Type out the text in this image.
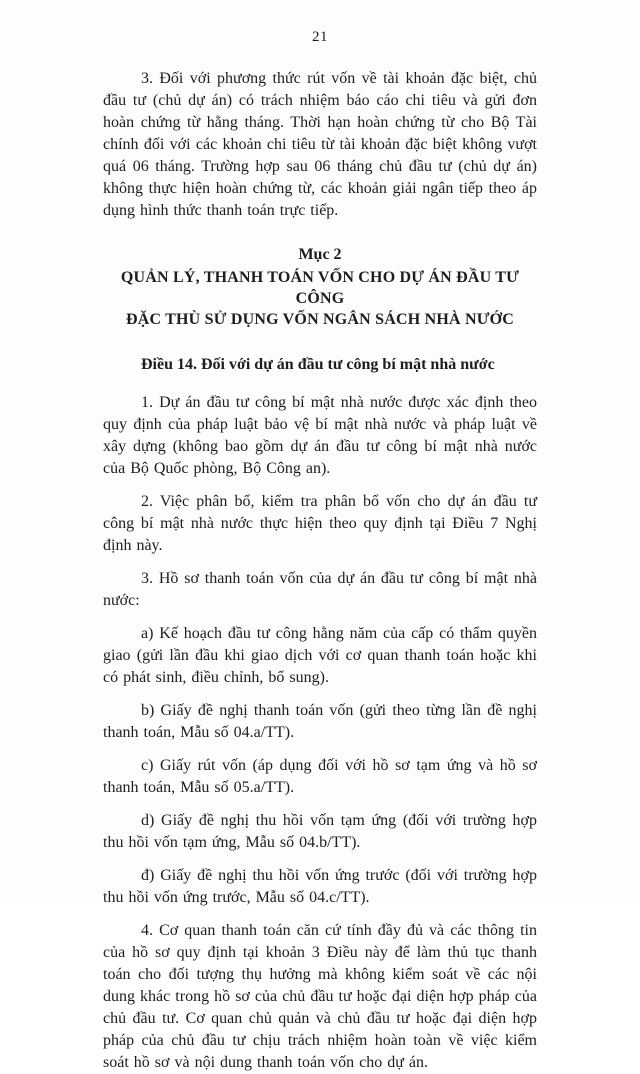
21

3. Đối với phương thức rút vốn về tài khoản đặc biệt, chủ đầu tư (chủ dự án) có trách nhiệm báo cáo chi tiêu và gửi đơn hoàn chứng từ hằng tháng. Thời hạn hoàn chứng từ cho Bộ Tài chính đối với các khoản chi tiêu từ tài khoản đặc biệt không vượt quá 06 tháng. Trường hợp sau 06 tháng chủ đầu tư (chủ dự án) không thực hiện hoàn chứng từ, các khoản giải ngân tiếp theo áp dụng hình thức thanh toán trực tiếp.

Mục 2
QUẢN LÝ, THANH TOÁN VỐN CHO DỰ ÁN ĐẦU TƯ CÔNG
ĐẶC THÙ SỬ DỤNG VỐN NGÂN SÁCH NHÀ NƯỚC

Điều 14. Đối với dự án đầu tư công bí mật nhà nước

1. Dự án đầu tư công bí mật nhà nước được xác định theo quy định của pháp luật bảo vệ bí mật nhà nước và pháp luật về xây dựng (không bao gồm dự án đầu tư công bí mật nhà nước của Bộ Quốc phòng, Bộ Công an).

2. Việc phân bổ, kiểm tra phân bổ vốn cho dự án đầu tư công bí mật nhà nước thực hiện theo quy định tại Điều 7 Nghị định này.

3. Hồ sơ thanh toán vốn của dự án đầu tư công bí mật nhà nước:

a) Kế hoạch đầu tư công hằng năm của cấp có thẩm quyền giao (gửi lần đầu khi giao dịch với cơ quan thanh toán hoặc khi có phát sinh, điều chỉnh, bổ sung).

b) Giấy đề nghị thanh toán vốn (gửi theo từng lần đề nghị thanh toán, Mẫu số 04.a/TT).

c) Giấy rút vốn (áp dụng đối với hồ sơ tạm ứng và hồ sơ thanh toán, Mẫu số 05.a/TT).

d) Giấy đề nghị thu hồi vốn tạm ứng (đối với trường hợp thu hồi vốn tạm ứng, Mẫu số 04.b/TT).

đ) Giấy đề nghị thu hồi vốn ứng trước (đối với trường hợp thu hồi vốn ứng trước, Mẫu số 04.c/TT).

4. Cơ quan thanh toán căn cứ tính đầy đủ và các thông tin của hồ sơ quy định tại khoản 3 Điều này để làm thủ tục thanh toán cho đối tượng thụ hưởng mà không kiểm soát về các nội dung khác trong hồ sơ của chủ đầu tư hoặc đại diện hợp pháp của chủ đầu tư. Cơ quan chủ quản và chủ đầu tư hoặc đại diện hợp pháp của chủ đầu tư chịu trách nhiệm hoàn toàn về việc kiểm soát hồ sơ và nội dung thanh toán vốn cho dự án.
